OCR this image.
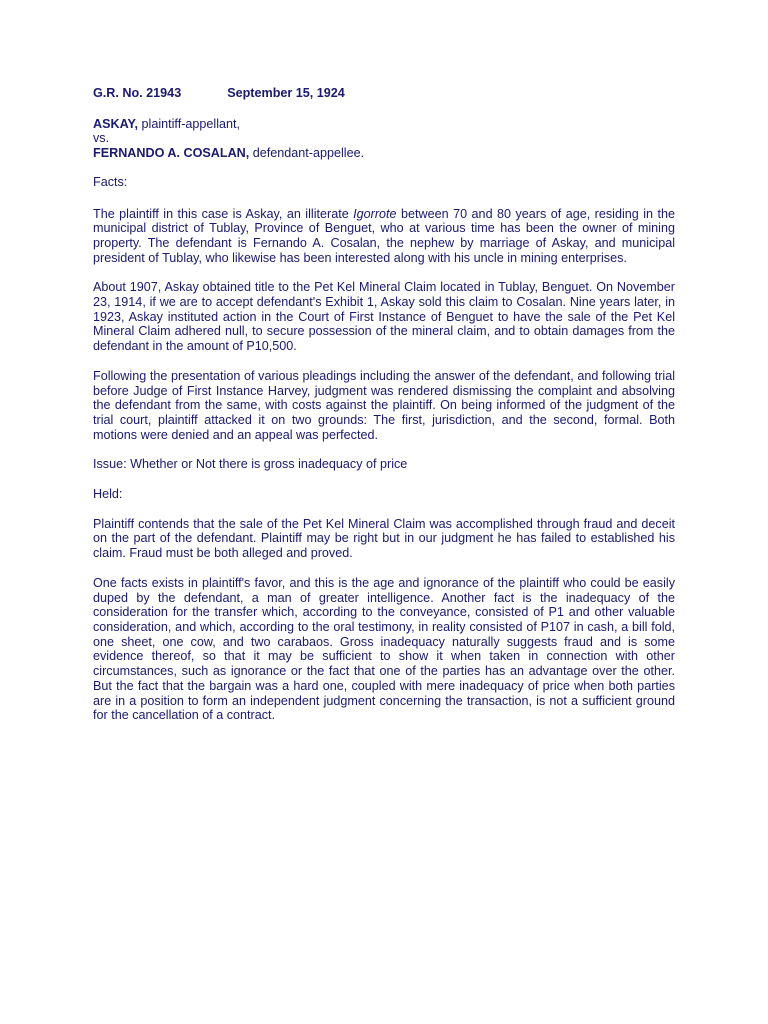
G.R. No. 21943	September 15, 1924

ASKAY, plaintiff-appellant,

vs.

FERNANDO A. COSALAN, defendant-appellee.

Facts:

The plaintiff in this case is Askay, an illiterate Igorrote between 70 and 80 years of age, residing in the municipal district of Tublay, Province of Benguet, who at various time has been the owner of mining property. The defendant is Fernando A. Cosalan, the nephew by marriage of Askay, and municipal president of Tublay, who likewise has been interested along with his uncle in mining enterprises.

About 1907, Askay obtained title to the Pet Kel Mineral Claim located in Tublay, Benguet. On November 23, 1914, if we are to accept defendant's Exhibit 1, Askay sold this claim to Cosalan. Nine years later, in 1923, Askay instituted action in the Court of First Instance of Benguet to have the sale of the Pet Kel Mineral Claim adhered null, to secure possession of the mineral claim, and to obtain damages from the defendant in the amount of P10,500.

Following the presentation of various pleadings including the answer of the defendant, and following trial before Judge of First Instance Harvey, judgment was rendered dismissing the complaint and absolving the defendant from the same, with costs against the plaintiff. On being informed of the judgment of the trial court, plaintiff attacked it on two grounds: The first, jurisdiction, and the second, formal. Both motions were denied and an appeal was perfected.

Issue: Whether or Not there is gross inadequacy of price

Held:

Plaintiff contends that the sale of the Pet Kel Mineral Claim was accomplished through fraud and deceit on the part of the defendant. Plaintiff may be right but in our judgment he has failed to established his claim. Fraud must be both alleged and proved.

One facts exists in plaintiff's favor, and this is the age and ignorance of the plaintiff who could be easily duped by the defendant, a man of greater intelligence. Another fact is the inadequacy of the consideration for the transfer which, according to the conveyance, consisted of P1 and other valuable consideration, and which, according to the oral testimony, in reality consisted of P107 in cash, a bill fold, one sheet, one cow, and two carabaos. Gross inadequacy naturally suggests fraud and is some evidence thereof, so that it may be sufficient to show it when taken in connection with other circumstances, such as ignorance or the fact that one of the parties has an advantage over the other. But the fact that the bargain was a hard one, coupled with mere inadequacy of price when both parties are in a position to form an independent judgment concerning the transaction, is not a sufficient ground for the cancellation of a contract.
